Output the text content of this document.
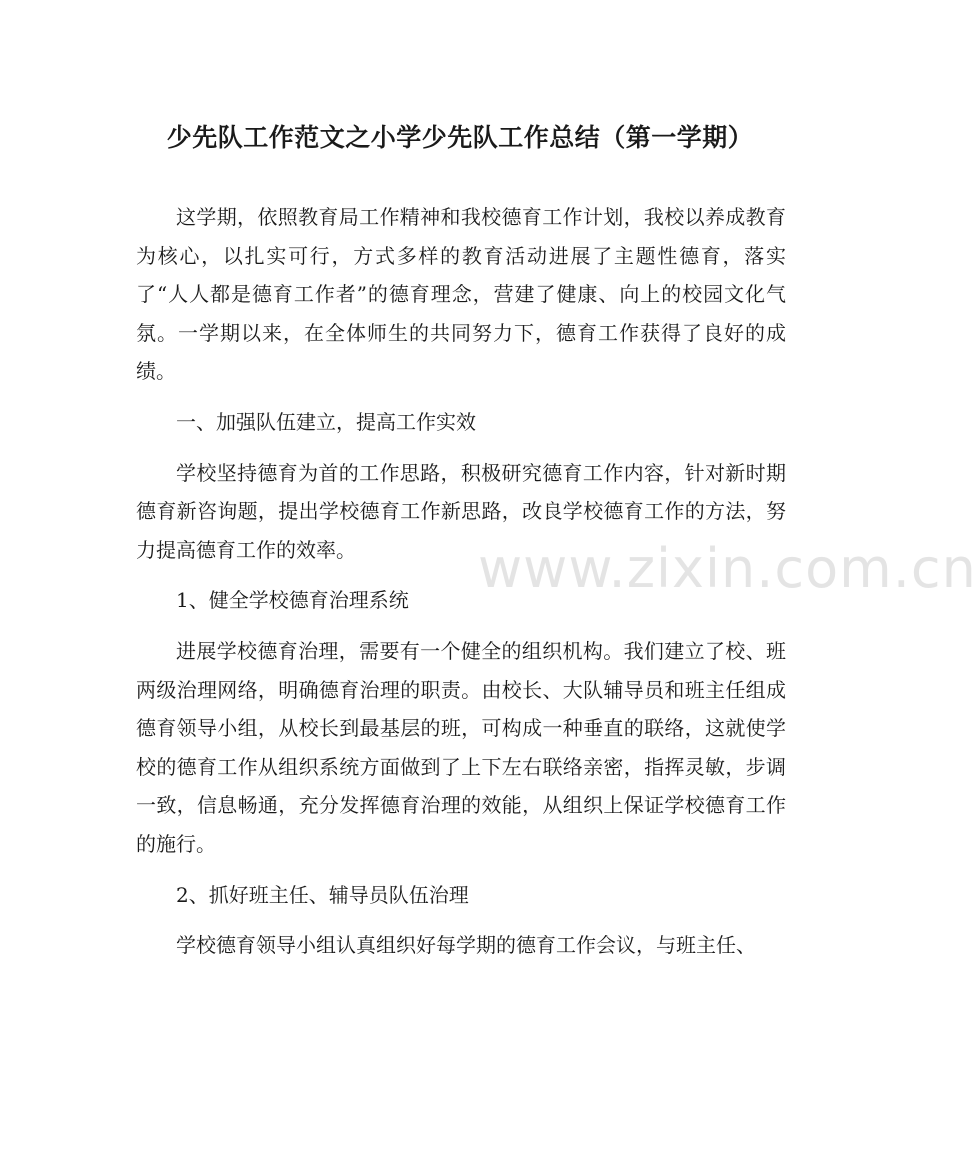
少先队工作范文之小学少先队工作总结（第一学期）

这学期，依照教育局工作精神和我校德育工作计划，我校以养成教育为核心，以扎实可行，方式多样的教育活动进展了主题性德育，落实了“人人都是德育工作者”的德育理念，营建了健康、向上的校园文化气氛。一学期以来，在全体师生的共同努力下，德育工作获得了良好的成绩。

一、加强队伍建立，提高工作实效

学校坚持德育为首的工作思路，积极研究德育工作内容，针对新时期德育新咨询题，提出学校德育工作新思路，改良学校德育工作的方法，努力提高德育工作的效率。

1、健全学校德育治理系统

进展学校德育治理，需要有一个健全的组织机构。我们建立了校、班两级治理网络，明确德育治理的职责。由校长、大队辅导员和班主任组成德育领导小组，从校长到最基层的班，可构成一种垂直的联络，这就使学校的德育工作从组织系统方面做到了上下左右联络亲密，指挥灵敏，步调一致，信息畅通，充分发挥德育治理的效能，从组织上保证学校德育工作的施行。

2、抓好班主任、辅导员队伍治理

学校德育领导小组认真组织好每学期的德育工作会议，与班主任、

www.zixin.com.cn
